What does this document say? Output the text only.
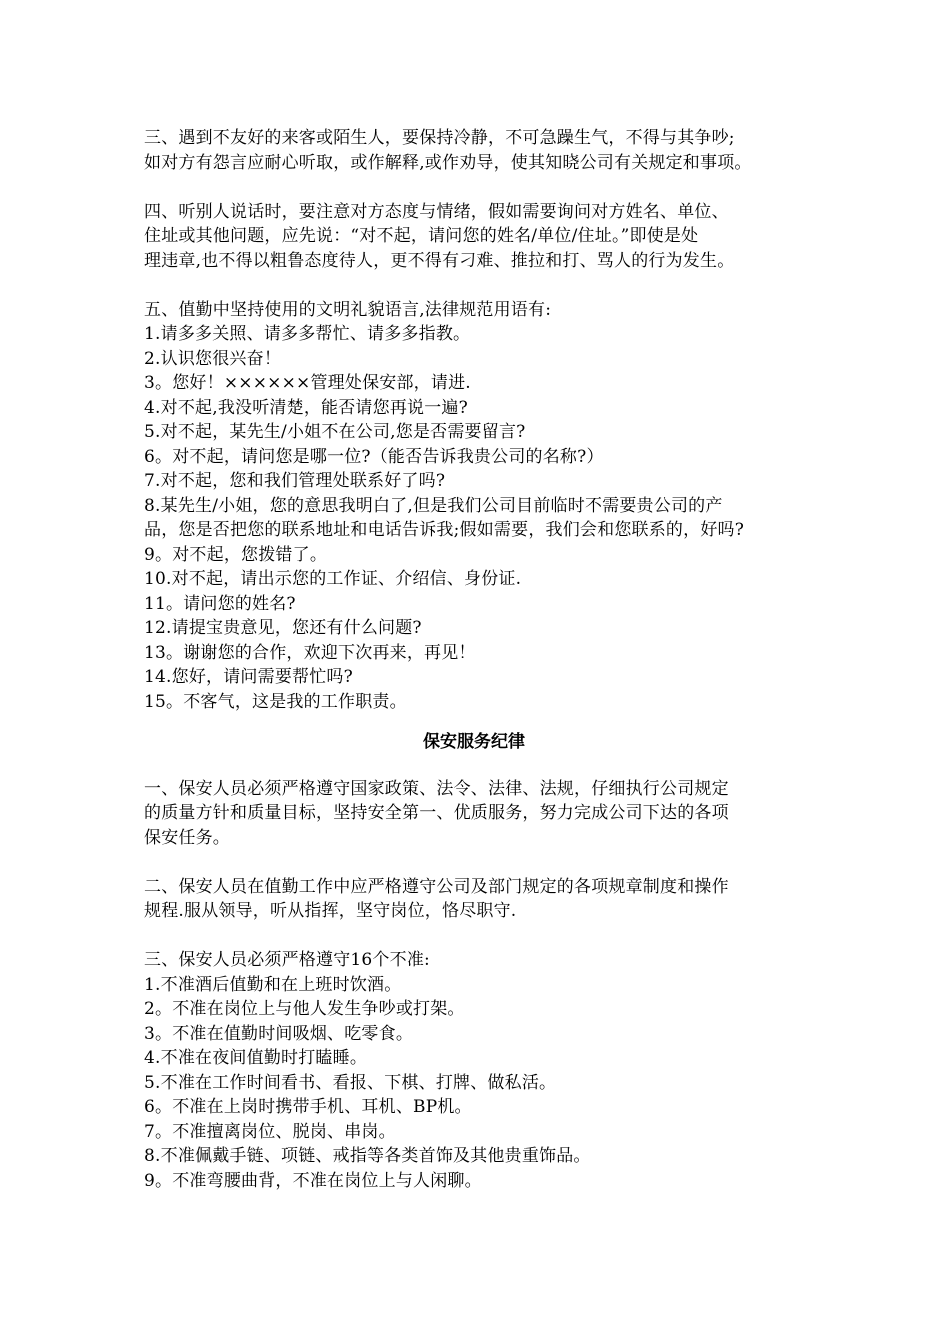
三、遇到不友好的来客或陌生人，要保持冷静，不可急躁生气，不得与其争吵;
如对方有怨言应耐心听取，或作解释,或作劝导，使其知晓公司有关规定和事项。
四、听别人说话时，要注意对方态度与情绪，假如需要询问对方姓名、单位、
住址或其他问题，应先说：“对不起，请问您的姓名/单位/住址。”即使是处
理违章,也不得以粗鲁态度待人，更不得有刁难、推拉和打、骂人的行为发生。
五、值勤中坚持使用的文明礼貌语言,法律规范用语有:
1.请多多关照、请多多帮忙、请多多指教。
2.认识您很兴奋！
3。您好！××××××管理处保安部，请进.
4.对不起,我没听清楚，能否请您再说一遍?
5.对不起，某先生/小姐不在公司,您是否需要留言?
6。对不起，请问您是哪一位?（能否告诉我贵公司的名称?）
7.对不起，您和我们管理处联系好了吗?
8.某先生/小姐，您的意思我明白了,但是我们公司目前临时不需要贵公司的产
品，您是否把您的联系地址和电话告诉我;假如需要，我们会和您联系的，好吗?
9。对不起，您拨错了。
10.对不起，请出示您的工作证、介绍信、身份证.
11。请问您的姓名?
12.请提宝贵意见，您还有什么问题?
13。谢谢您的合作，欢迎下次再来，再见！
14.您好，请问需要帮忙吗?
15。不客气，这是我的工作职责。
保安服务纪律
一、保安人员必须严格遵守国家政策、法令、法律、法规，仔细执行公司规定
的质量方针和质量目标，坚持安全第一、优质服务，努力完成公司下达的各项
保安任务。
二、保安人员在值勤工作中应严格遵守公司及部门规定的各项规章制度和操作
规程.服从领导，听从指挥，坚守岗位，恪尽职守.
三、保安人员必须严格遵守16个不准:
1.不准酒后值勤和在上班时饮酒。
2。不准在岗位上与他人发生争吵或打架。
3。不准在值勤时间吸烟、吃零食。
4.不准在夜间值勤时打瞌睡。
5.不准在工作时间看书、看报、下棋、打牌、做私活。
6。不准在上岗时携带手机、耳机、BP机。
7。不准擅离岗位、脱岗、串岗。
8.不准佩戴手链、项链、戒指等各类首饰及其他贵重饰品。
9。不准弯腰曲背，不准在岗位上与人闲聊。
